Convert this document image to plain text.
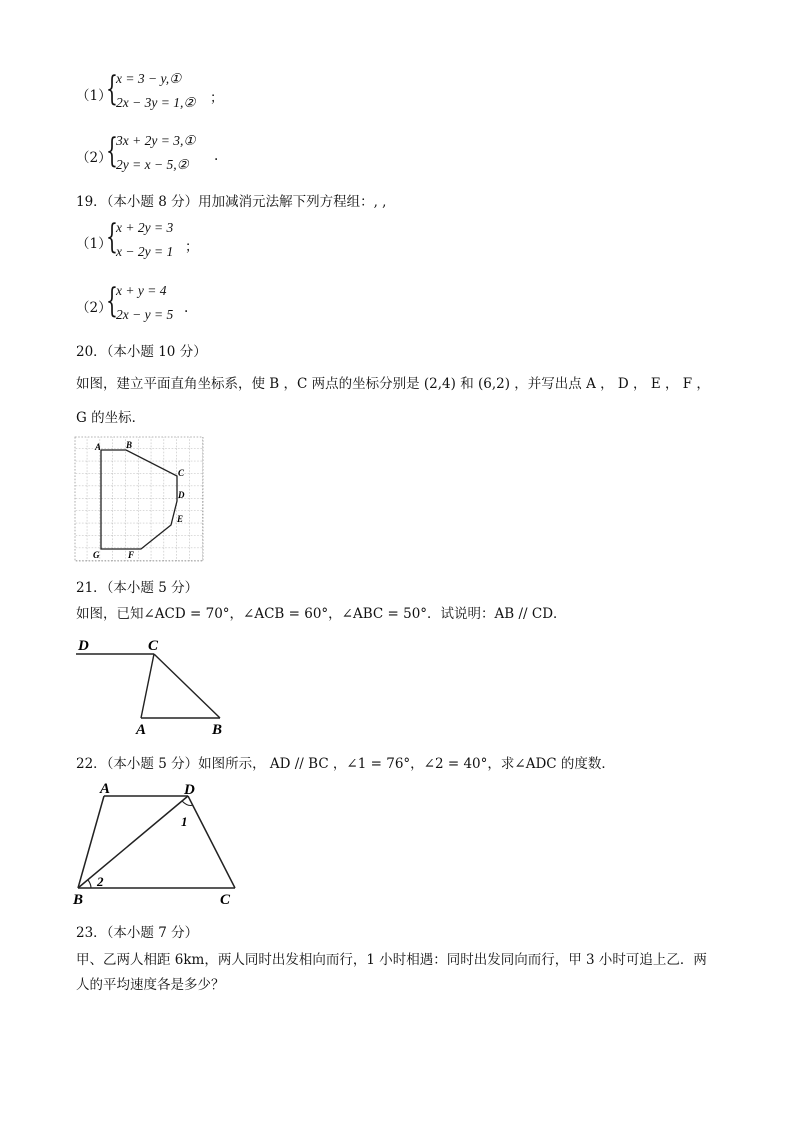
（1）
{
x = 3 − y,①
2x − 3y = 1,② ；
（2）
{
3x + 2y = 3,①
2y = x − 5,②
.
19．（本小题 8 分）用加减消元法解下列方程组：, ,
（1）
{
x + 2y = 3
x − 2y = 1 ；
（2）
{
x + y = 4
2x − y = 5 .
20．（本小题 10 分）
如图，建立平面直角坐标系，使 B ，C 两点的坐标分别是 (2,4) 和 (6,2) ，并写出点 A ， D ， E ， F ，
G 的坐标．
A	B
C
D
E
F
G
21．（本小题 5 分）
如图，已知∠ACD = 70°，∠ACB = 60°，∠ABC = 50°．试说明：AB // CD．
D	C
A	B
22．（本小题 5 分）如图所示， AD // BC ，∠1 = 76°，∠2 = 40°，求∠ADC 的度数．
A	D
B	C
1
2
23．（本小题 7 分）
甲、乙两人相距 6km，两人同时出发相向而行，1 小时相遇：同时出发同向而行，甲 3 小时可追上乙．两
人的平均速度各是多少？
